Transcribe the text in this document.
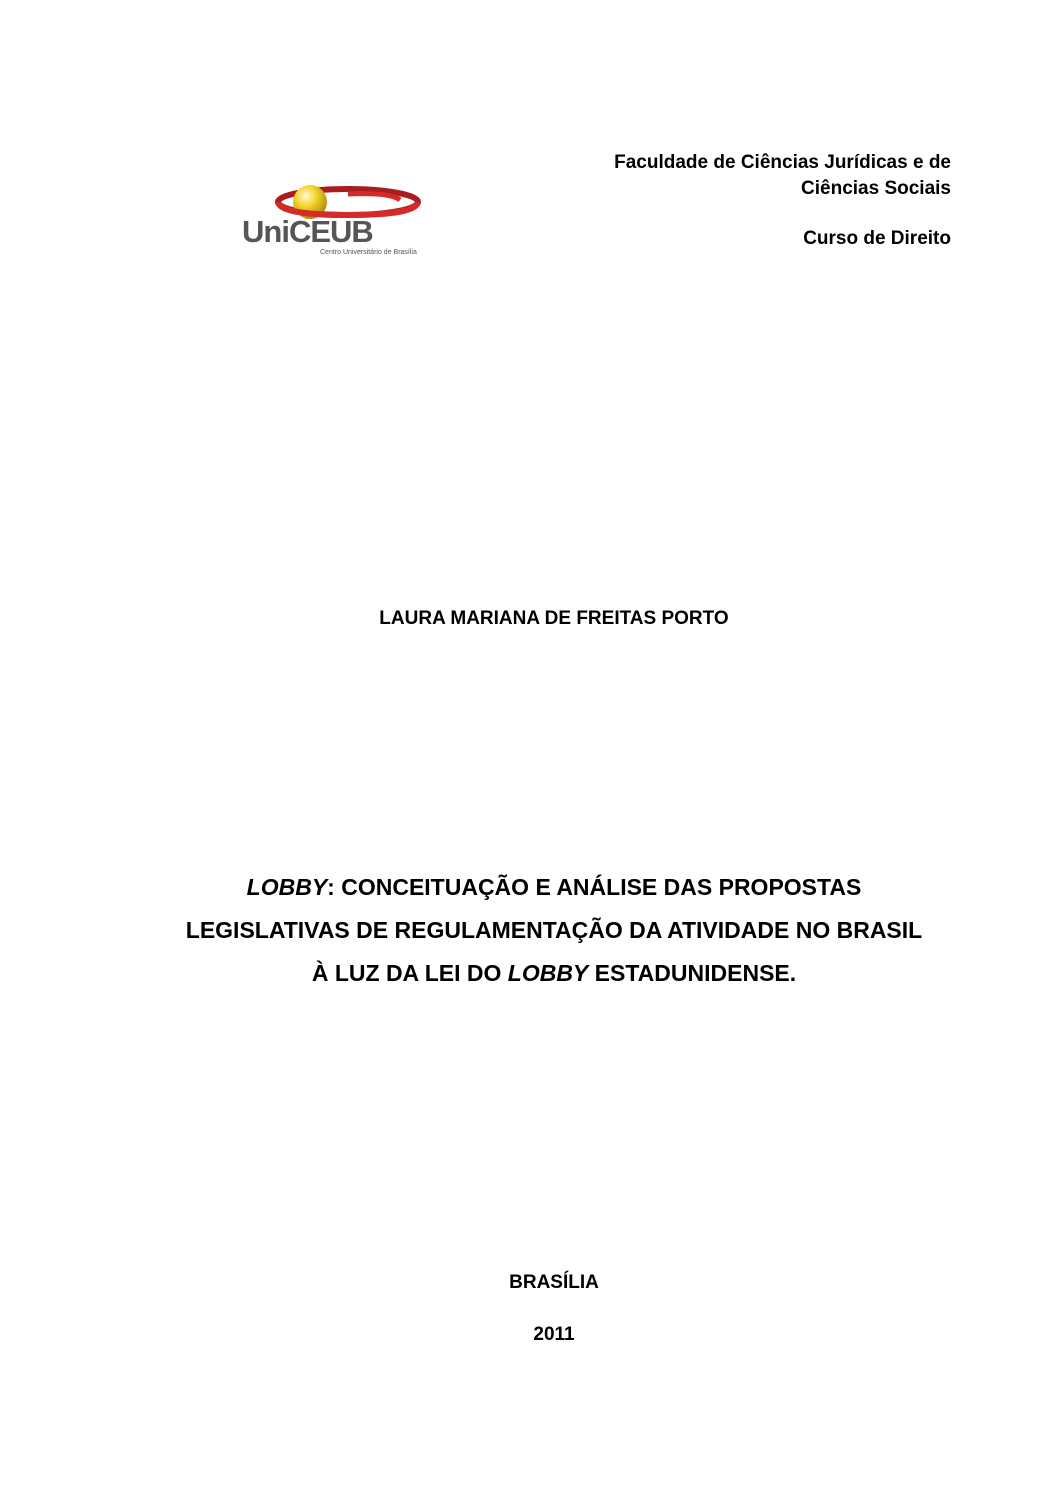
UniCEUB
Centro Universitário de Brasília
Faculdade de Ciências Jurídicas e de
Ciências Sociais
Curso de Direito
LAURA MARIANA DE FREITAS PORTO
LOBBY: CONCEITUAÇÃO E ANÁLISE DAS PROPOSTAS
LEGISLATIVAS DE REGULAMENTAÇÃO DA ATIVIDADE NO BRASIL
À LUZ DA LEI DO LOBBY ESTADUNIDENSE.
BRASÍLIA
2011
